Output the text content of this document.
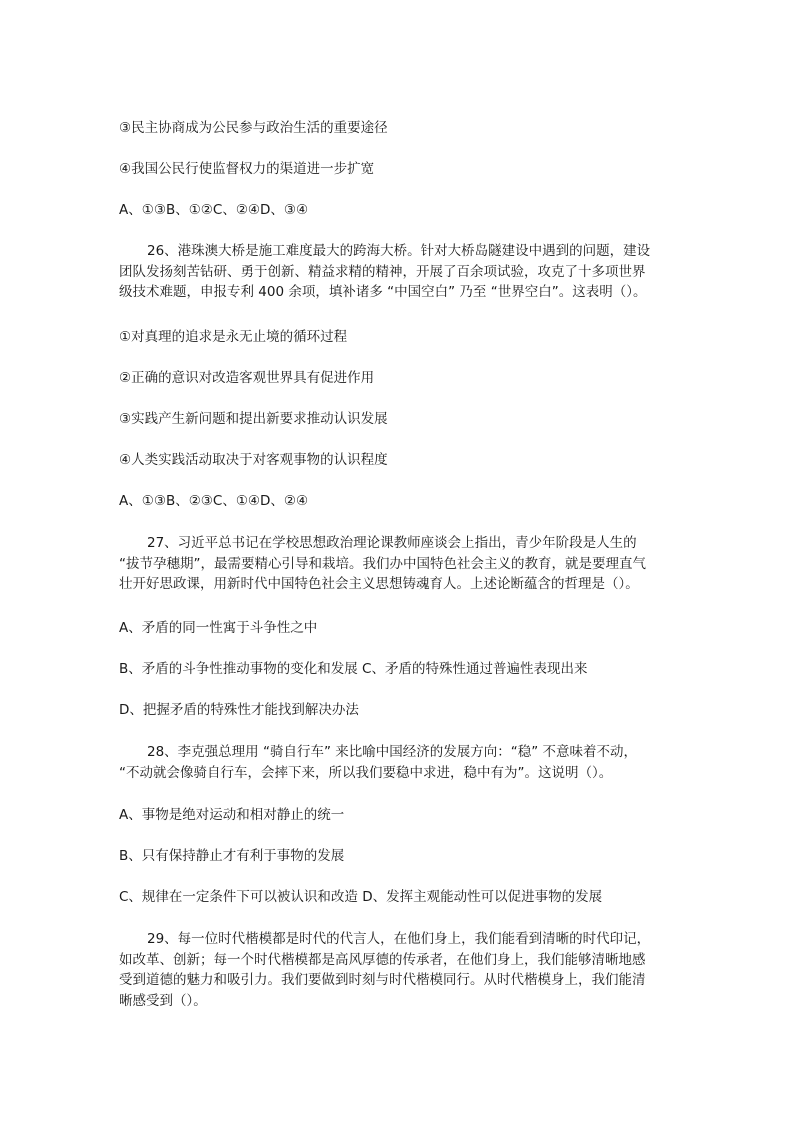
③民主协商成为公民参与政治生活的重要途径
④我国公民行使监督权力的渠道进一步扩宽
A、①③B、①②C、②④D、③④
26、港珠澳大桥是施工难度最大的跨海大桥。针对大桥岛隧建设中遇到的问题，建设
团队发扬刻苦钻研、勇于创新、精益求精的精神，开展了百余项试验，攻克了十多项世界
级技术难题，申报专利 400 余项，填补诸多 “中国空白” 乃至 “世界空白”。这表明（）。
①对真理的追求是永无止境的循环过程
②正确的意识对改造客观世界具有促进作用
③实践产生新问题和提出新要求推动认识发展
④人类实践活动取决于对客观事物的认识程度
A、①③B、②③C、①④D、②④
27、习近平总书记在学校思想政治理论课教师座谈会上指出，青少年阶段是人生的
“拔节孕穗期”，最需要精心引导和栽培。我们办中国特色社会主义的教育，就是要理直气
壮开好思政课，用新时代中国特色社会主义思想铸魂育人。上述论断蕴含的哲理是（）。
A、矛盾的同一性寓于斗争性之中
B、矛盾的斗争性推动事物的变化和发展 C、矛盾的特殊性通过普遍性表现出来
D、把握矛盾的特殊性才能找到解决办法
28、李克强总理用 “骑自行车” 来比喻中国经济的发展方向：“稳” 不意味着不动，
“不动就会像骑自行车，会摔下来，所以我们要稳中求进，稳中有为”。这说明（）。
A、事物是绝对运动和相对静止的统一
B、只有保持静止才有利于事物的发展
C、规律在一定条件下可以被认识和改造 D、发挥主观能动性可以促进事物的发展
29、每一位时代楷模都是时代的代言人，在他们身上，我们能看到清晰的时代印记，
如改革、创新；每一个时代楷模都是高风厚德的传承者，在他们身上，我们能够清晰地感
受到道德的魅力和吸引力。我们要做到时刻与时代楷模同行。从时代楷模身上，我们能清
晰感受到（）。
